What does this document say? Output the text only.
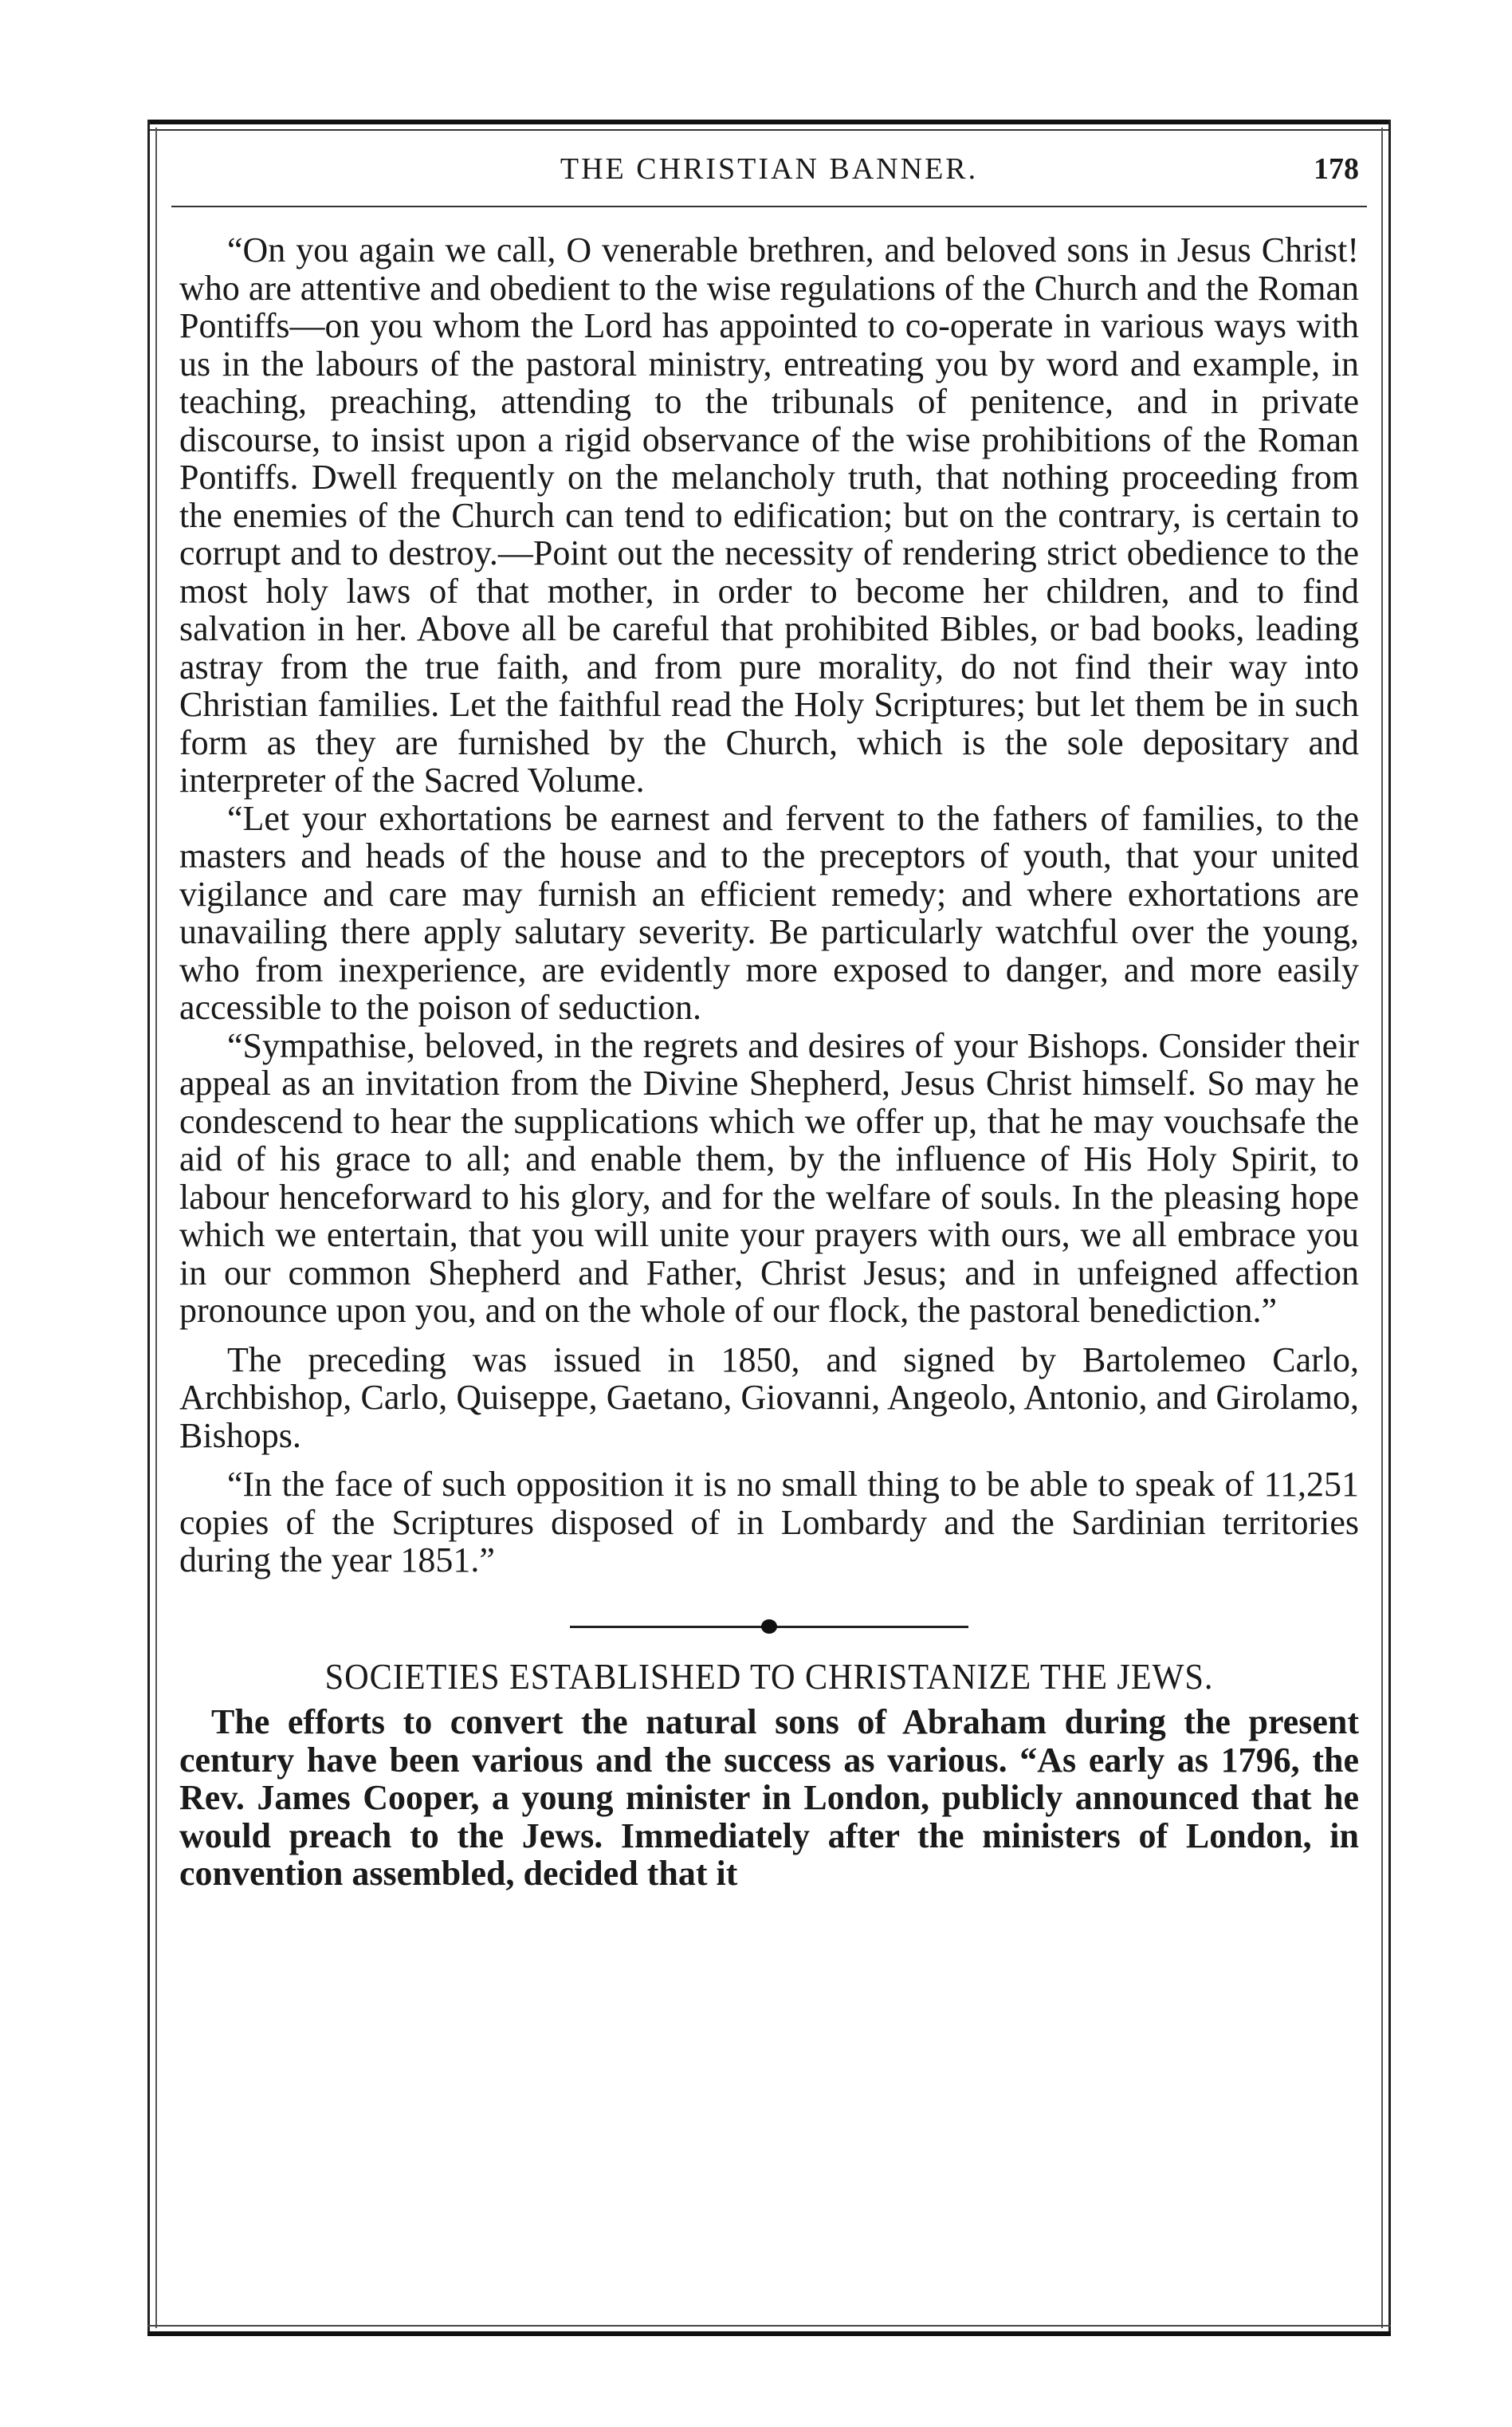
THE CHRISTIAN BANNER.	178

“On you again we call, O venerable brethren, and beloved sons in Jesus Christ! who are attentive and obedient to the wise regulations of the Church and the Roman Pontiffs—on you whom the Lord has appointed to co-operate in various ways with us in the labours of the pastoral ministry, entreating you by word and example, in teaching, preaching, attending to the tribunals of penitence, and in private discourse, to insist upon a rigid observance of the wise prohibitions of the Roman Pontiffs. Dwell frequently on the melancholy truth, that nothing proceeding from the enemies of the Church can tend to edification; but on the contrary, is certain to corrupt and to destroy.—Point out the necessity of rendering strict obedience to the most holy laws of that mother, in order to become her children, and to find salvation in her. Above all be careful that prohibited Bibles, or bad books, leading astray from the true faith, and from pure morality, do not find their way into Christian families. Let the faithful read the Holy Scriptures; but let them be in such form as they are furnished by the Church, which is the sole depositary and interpreter of the Sacred Volume.

“Let your exhortations be earnest and fervent to the fathers of families, to the masters and heads of the house and to the preceptors of youth, that your united vigilance and care may furnish an efficient remedy; and where exhortations are unavailing there apply salutary severity. Be particularly watchful over the young, who from inexperience, are evidently more exposed to danger, and more easily accessible to the poison of seduction.

“Sympathise, beloved, in the regrets and desires of your Bishops. Consider their appeal as an invitation from the Divine Shepherd, Jesus Christ himself. So may he condescend to hear the supplications which we offer up, that he may vouchsafe the aid of his grace to all; and enable them, by the influence of His Holy Spirit, to labour henceforward to his glory, and for the welfare of souls. In the pleasing hope which we entertain, that you will unite your prayers with ours, we all embrace you in our common Shepherd and Father, Christ Jesus; and in unfeigned affection pronounce upon you, and on the whole of our flock, the pastoral benediction.”

The preceding was issued in 1850, and signed by Bartolemeo Carlo, Archbishop, Carlo, Quiseppe, Gaetano, Giovanni, Angeolo, Antonio, and Girolamo, Bishops.

“In the face of such opposition it is no small thing to be able to speak of 11,251 copies of the Scriptures disposed of in Lombardy and the Sardinian territories during the year 1851.”

SOCIETIES ESTABLISHED TO CHRISTANIZE THE JEWS.

The efforts to convert the natural sons of Abraham during the present century have been various and the success as various. “As early as 1796, the Rev. James Cooper, a young minister in London, publicly announced that he would preach to the Jews. Immediately after the ministers of London, in convention assembled, decided that it
